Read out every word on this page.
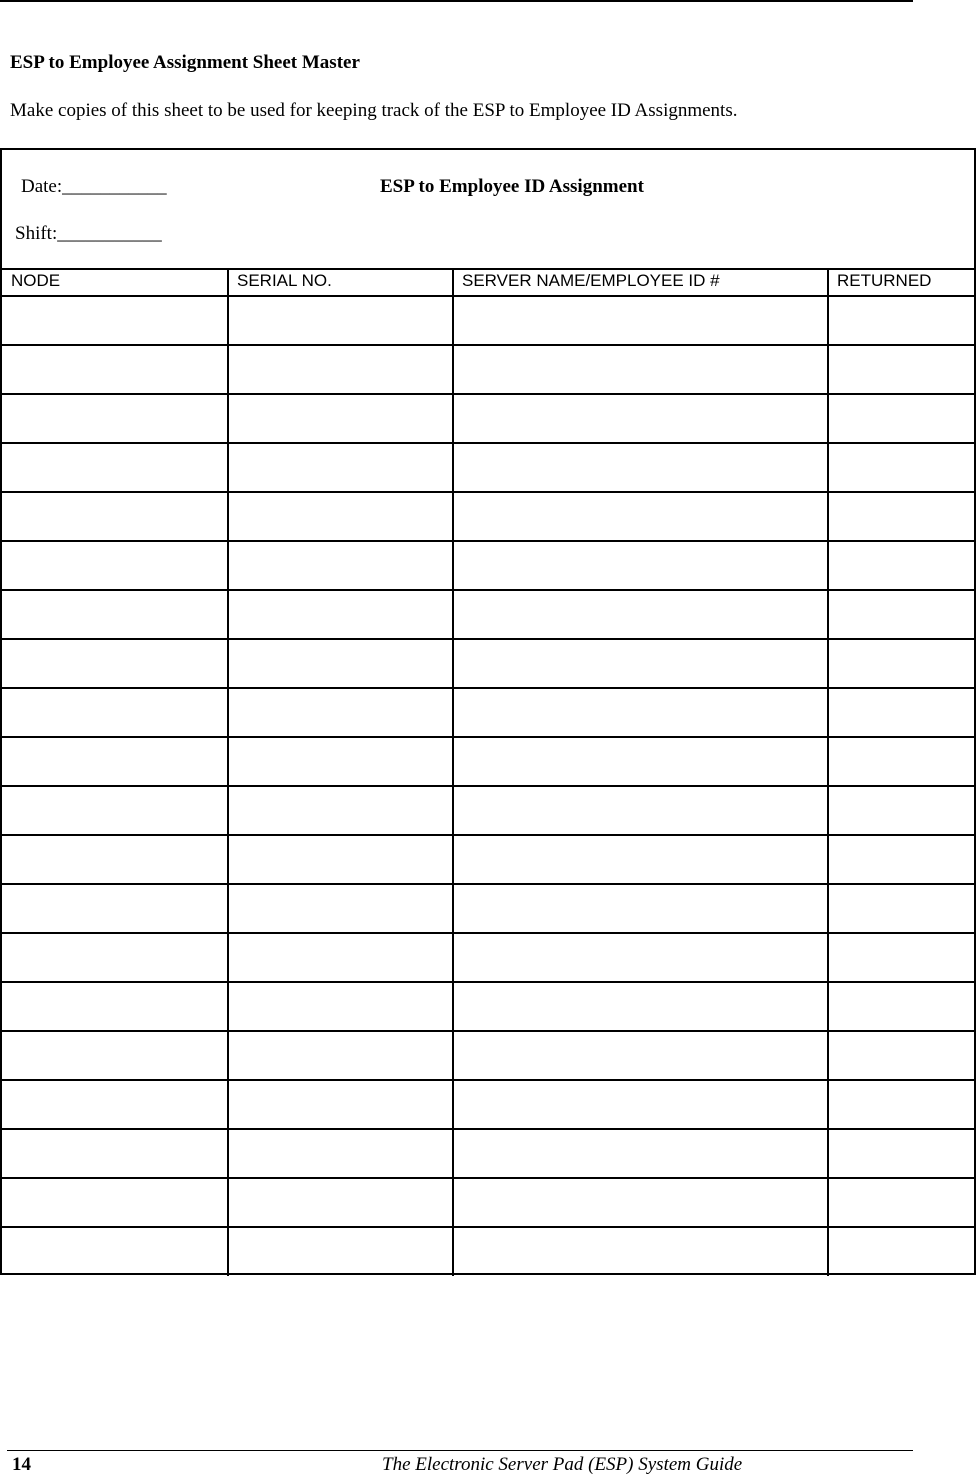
ESP to Employee Assignment Sheet Master
Make copies of this sheet to be used for keeping track of the ESP to Employee ID Assignments.
Date:___________
Shift:___________
ESP to Employee ID Assignment
NODE	SERIAL NO.	SERVER NAME/EMPLOYEE ID #	RETURNED

14	The Electronic Server Pad (ESP) System Guide
